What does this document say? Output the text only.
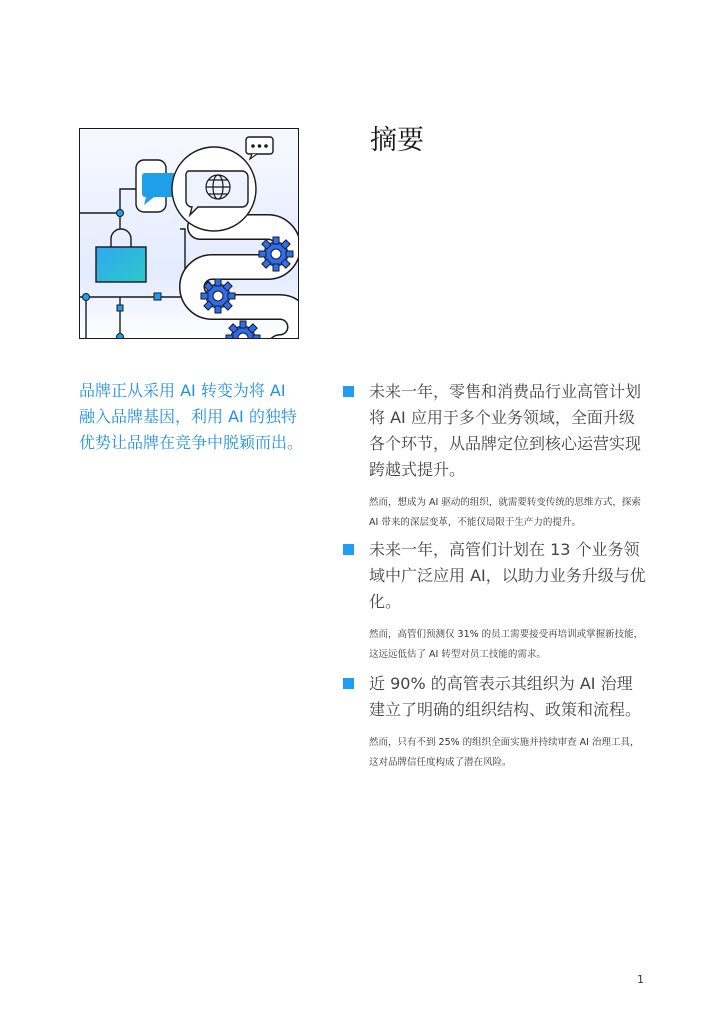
摘要

品牌正从采用 AI 转变为将 AI 融入品牌基因，利用 AI 的独特优势让品牌在竞争中脱颖而出。

未来一年，零售和消费品行业高管计划将 AI 应用于多个业务领域，全面升级各个环节，从品牌定位到核心运营实现跨越式提升。

然而，想成为 AI 驱动的组织，就需要转变传统的思维方式，探索 AI 带来的深层变革，不能仅局限于生产力的提升。

未来一年，高管们计划在 13 个业务领域中广泛应用 AI，以助力业务升级与优化。

然而，高管们预测仅 31% 的员工需要接受再培训或掌握新技能，这远远低估了 AI 转型对员工技能的需求。

近 90% 的高管表示其组织为 AI 治理建立了明确的组织结构、政策和流程。

然而，只有不到 25% 的组织全面实施并持续审查 AI 治理工具，这对品牌信任度构成了潜在风险。

1
